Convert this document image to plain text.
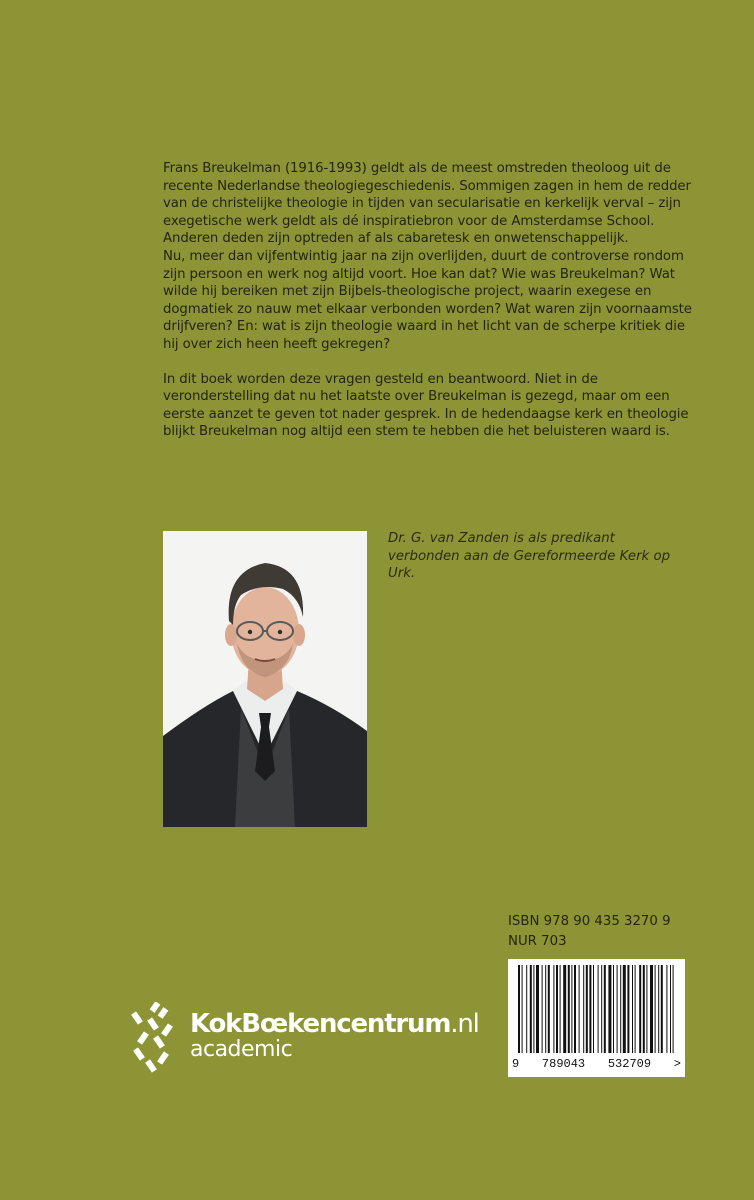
Frans Breukelman (1916-1993) geldt als de meest omstreden theoloog uit de recente Nederlandse theologiegeschiedenis. Sommigen zagen in hem de redder van de christelijke theologie in tijden van secularisatie en kerkelijk verval – zijn exegetische werk geldt als dé inspiratiebron voor de Amsterdamse School. Anderen deden zijn optreden af als cabaretesk en onwetenschappelijk.

Nu, meer dan vijfentwintig jaar na zijn overlijden, duurt de controverse rondom zijn persoon en werk nog altijd voort. Hoe kan dat? Wie was Breukelman? Wat wilde hij bereiken met zijn Bijbels-theologische project, waarin exegese en dogmatiek zo nauw met elkaar verbonden worden? Wat waren zijn voornaamste drijfveren? En: wat is zijn theologie waard in het licht van de scherpe kritiek die hij over zich heen heeft gekregen?

In dit boek worden deze vragen gesteld en beantwoord. Niet in de veronderstelling dat nu het laatste over Breukelman is gezegd, maar om een eerste aanzet te geven tot nader gesprek. In de hedendaagse kerk en theologie blijkt Breukelman nog altijd een stem te hebben die het beluisteren waard is.

Dr. G. van Zanden is als predikant verbonden aan de Gereformeerde Kerk op Urk.
ISBN 978 90 435 3270 9
NUR 703
9 789043 532709 >
KokBœkencentrum.nl
academic
